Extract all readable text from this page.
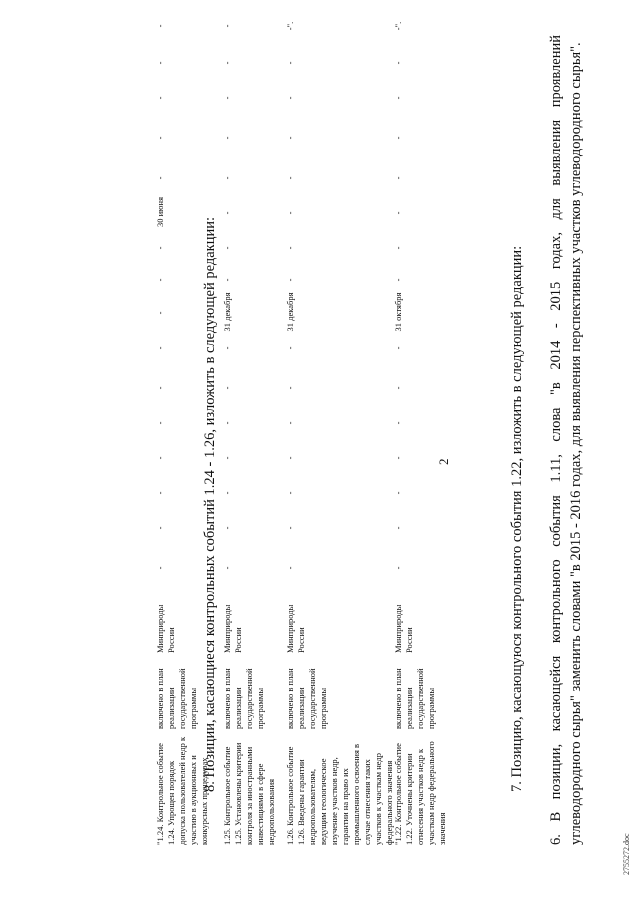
2	6. В позиции, касающейся контрольного события 1.11, слова "в 2014 - 2015 годах, для выявления проявлений углеводородного сырья" заменить словами "в 2015 - 2016 годах, для выявления перспективных участков углеводородного сырья".

7. Позицию, касающуюся контрольного события 1.22, изложить в следующей редакции:

"1.22. Контрольное событие 1.22. Уточнены критерии отнесения участков недр к участкам недр федерального значения
включено в план реализации государственной программы
Минприроды России
-
-
-
-
-
-
-
31 октября
-
-
-
-
-
-
-
-".

8. Позиции, касающиеся контрольных событий 1.24 - 1.26, изложить в следующей редакции:

"1.24. Контрольное событие 1.24. Упрощен порядок допуска пользователей недр к участию в аукционных и конкурсных процедурах
включено в план реализации государственной программы
Минприроды России
-
-
-
-
-
-
-
-
-
-
30 июня
-
-
-
-
-
1.25. Контрольное событие 1.25. Установлены критерии контроля за иностранными инвестициями в сфере недропользования
включено в план реализации государственной программы
Минприроды России
-
-
-
-
-
-
-
31 декабря
-
-
-
-
-
-
-
-
1.26. Контрольное событие 1.26. Введены гарантии недропользователям, ведущим геологическое изучение участков недр, гарантии на право их промышленного освоения в случае отнесения таких участков к участкам недр федерального значения
включено в план реализации государственной программы
Минприроды России
-
-
-
-
-
-
-
31 декабря
-
-
-
-
-
-
-
-".
2755272.doc
